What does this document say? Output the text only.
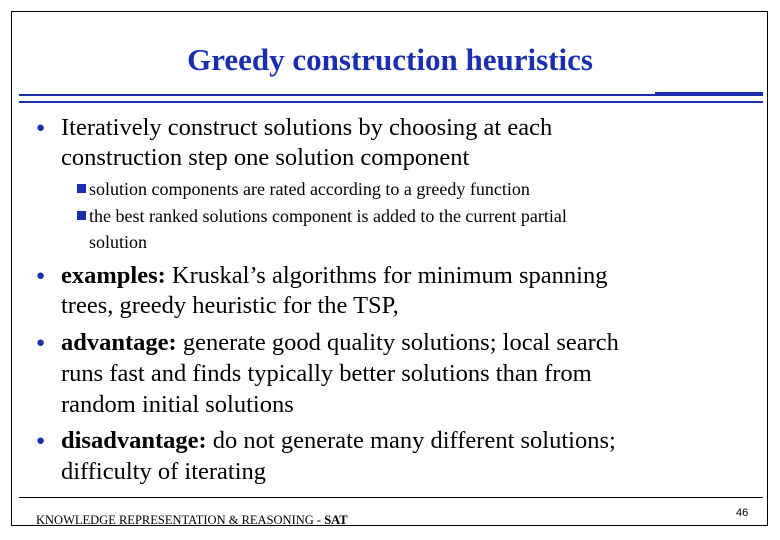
Greedy construction heuristics
● Iteratively construct solutions by choosing at each
construction step one solution component
solution components are rated according to a greedy function
the best ranked solutions component is added to the current partial
solution
● examples: Kruskal’s algorithms for minimum spanning
trees, greedy heuristic for the TSP,
● advantage: generate good quality solutions; local search
runs fast and finds typically better solutions than from
random initial solutions
● disadvantage: do not generate many different solutions;
difficulty of iterating
KNOWLEDGE REPRESENTATION & REASONING - SAT	46
